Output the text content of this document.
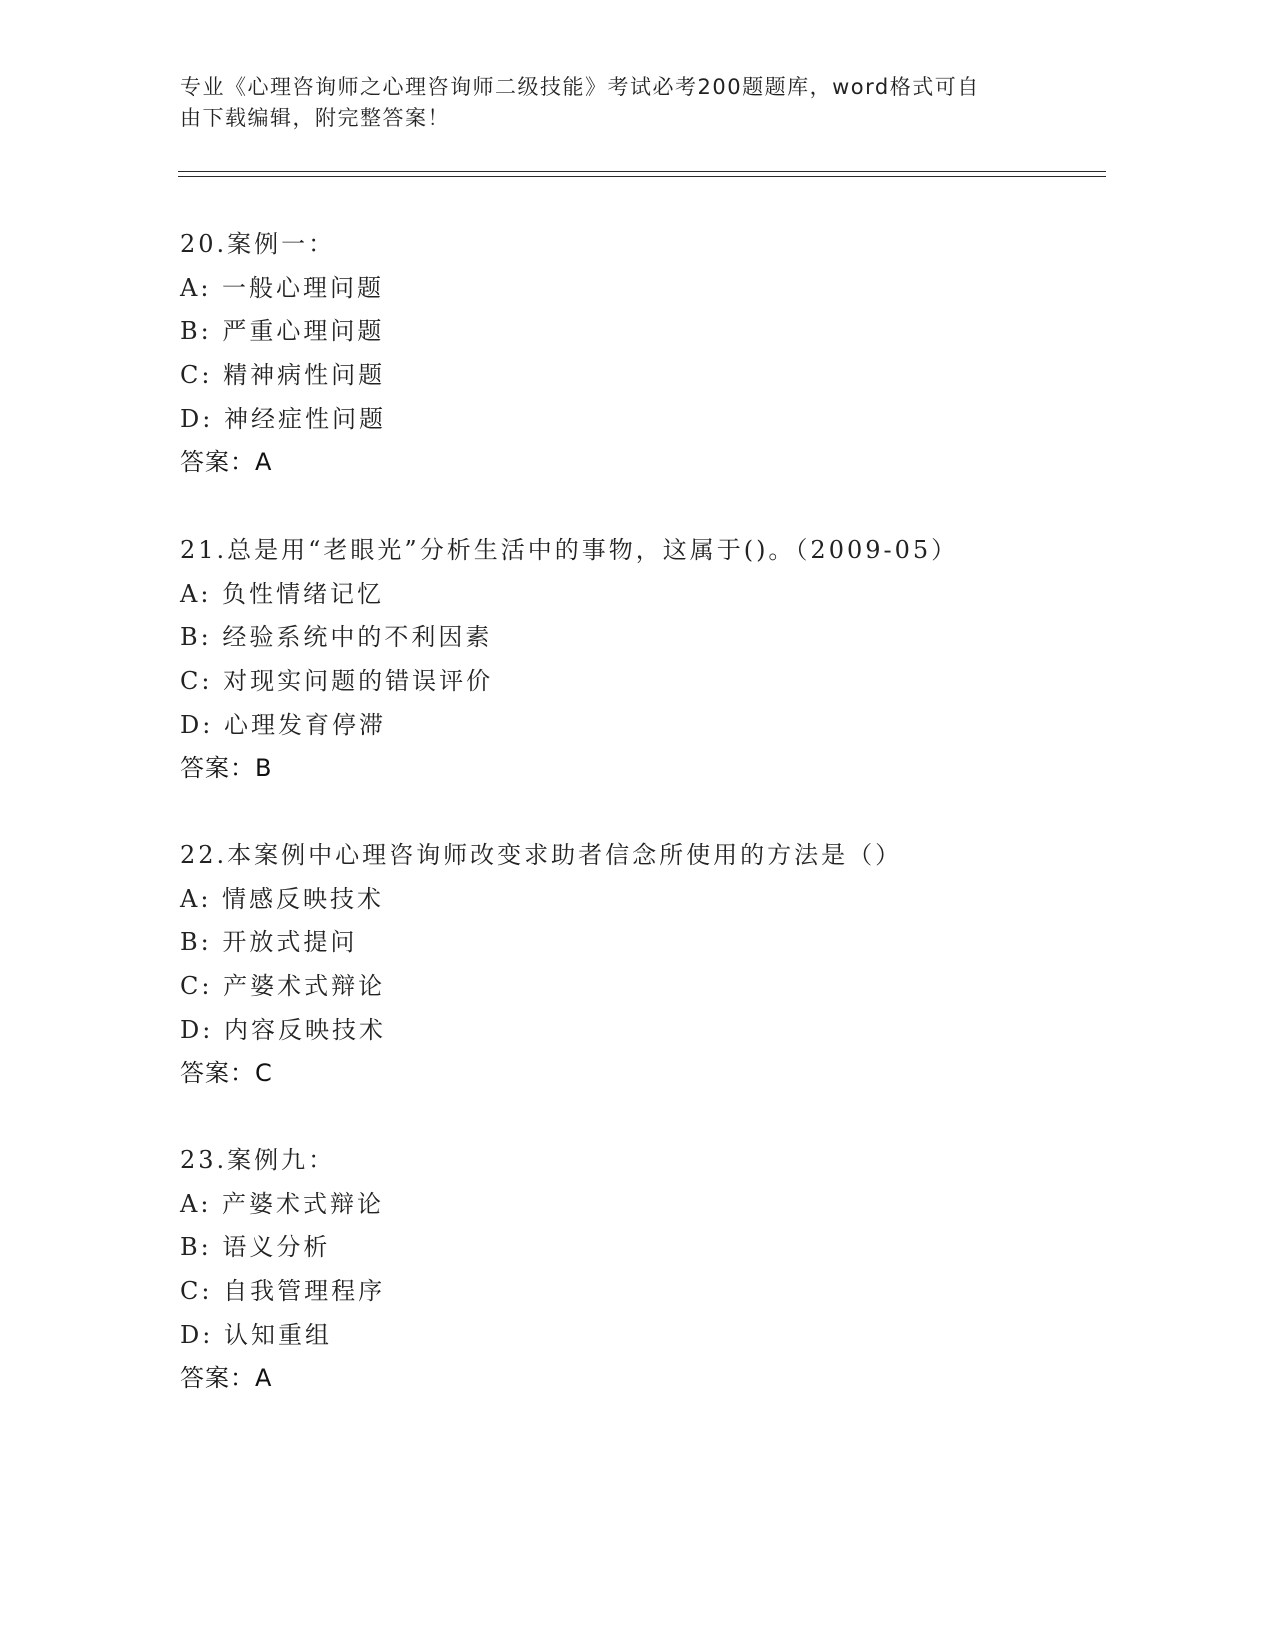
专业《心理咨询师之心理咨询师二级技能》考试必考200题题库，word格式可自

由下载编辑，附完整答案！

20.案例一：
A: 一般心理问题
B: 严重心理问题
C: 精神病性问题
D: 神经症性问题
答案：A
21.总是用“老眼光”分析生活中的事物，这属于()。（2009-05）
A: 负性情绪记忆
B: 经验系统中的不利因素
C: 对现实问题的错误评价
D: 心理发育停滞
答案：B
22.本案例中心理咨询师改变求助者信念所使用的方法是（）
A: 情感反映技术
B: 开放式提问
C: 产婆术式辩论
D: 内容反映技术
答案：C
23.案例九：
A: 产婆术式辩论
B: 语义分析
C: 自我管理程序
D: 认知重组
答案：A
